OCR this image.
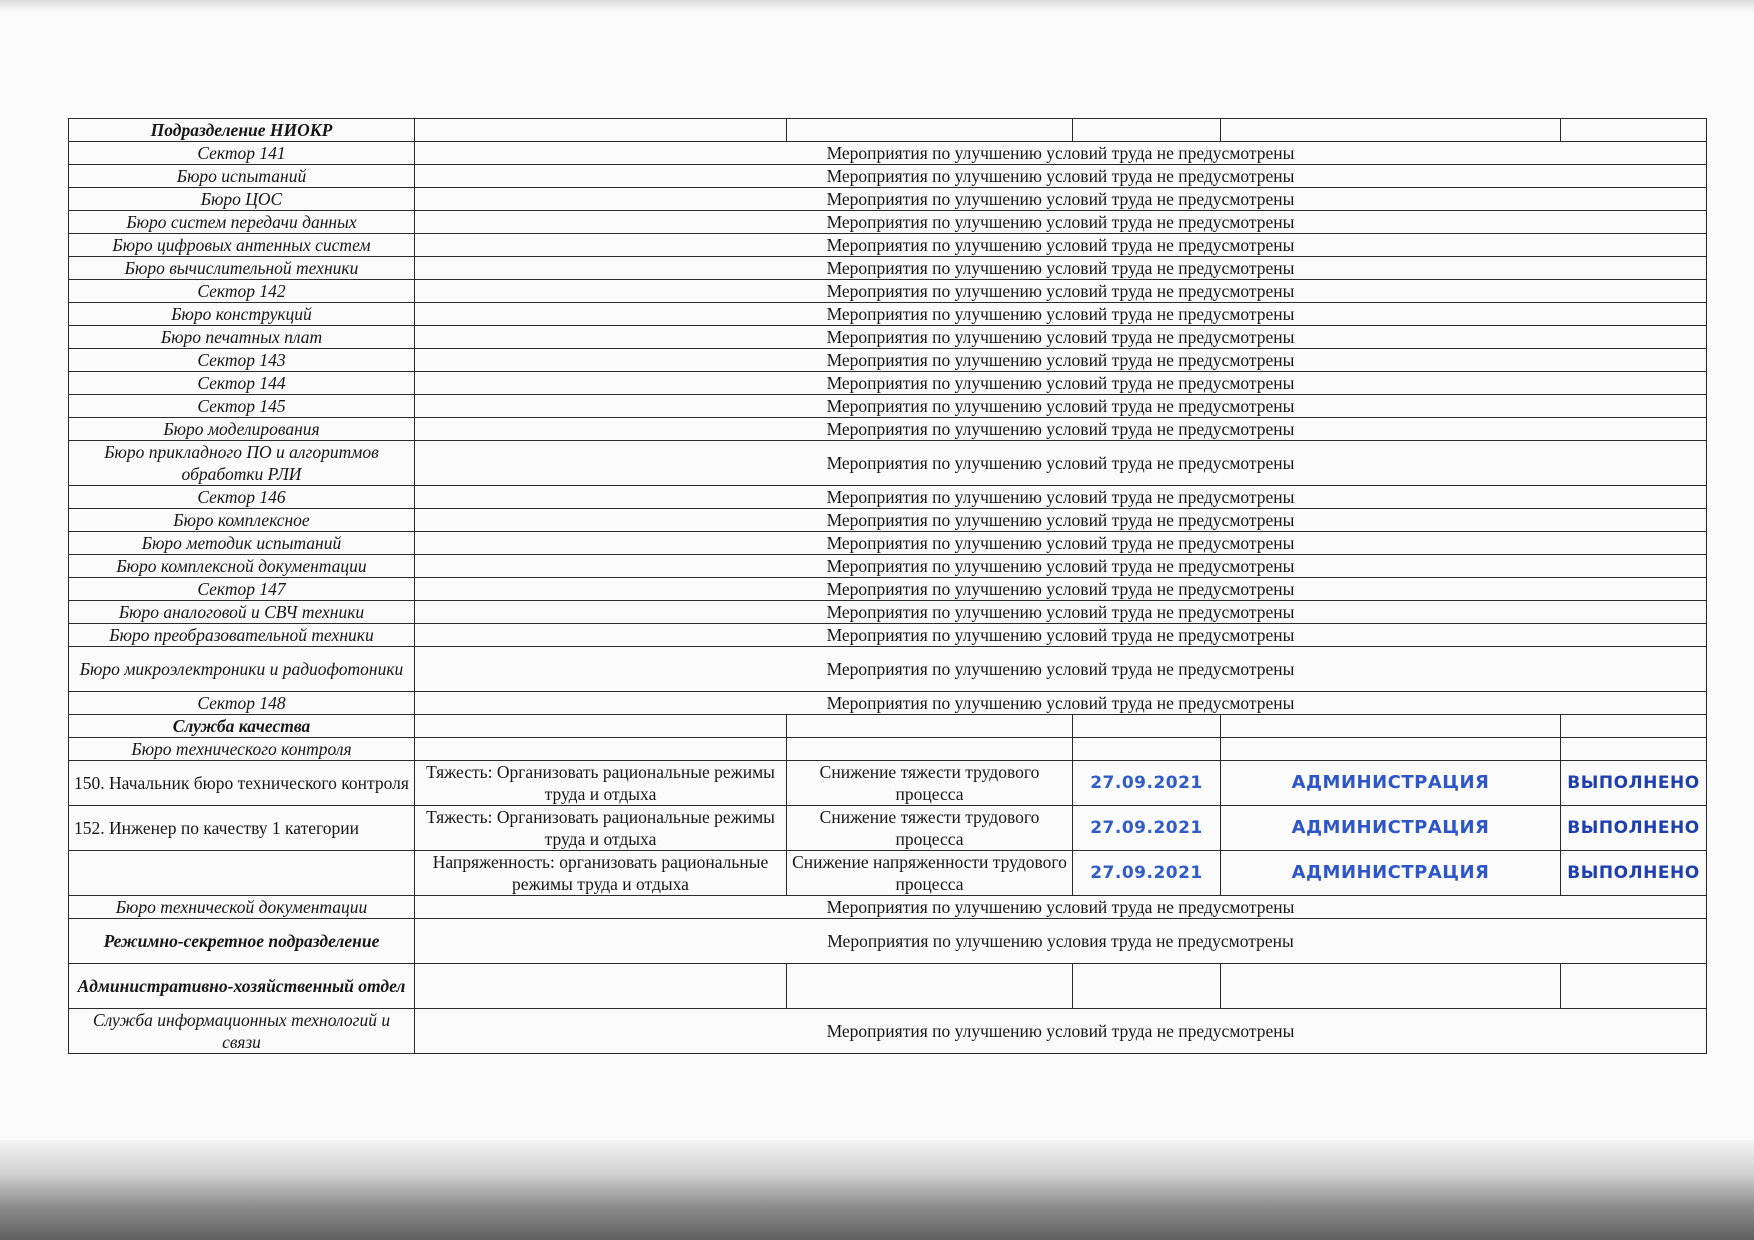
Подразделение НИОКР					
Сектор 141	Мероприятия по улучшению условий труда не предусмотрены				
Бюро испытаний	Мероприятия по улучшению условий труда не предусмотрены				
Бюро ЦОС	Мероприятия по улучшению условий труда не предусмотрены				
Бюро систем передачи данных	Мероприятия по улучшению условий труда не предусмотрены				
Бюро цифровых антенных систем	Мероприятия по улучшению условий труда не предусмотрены				
Бюро вычислительной техники	Мероприятия по улучшению условий труда не предусмотрены				
Сектор 142	Мероприятия по улучшению условий труда не предусмотрены				
Бюро конструкций	Мероприятия по улучшению условий труда не предусмотрены				
Бюро печатных плат	Мероприятия по улучшению условий труда не предусмотрены				
Сектор 143	Мероприятия по улучшению условий труда не предусмотрены				
Сектор 144	Мероприятия по улучшению условий труда не предусмотрены				
Сектор 145	Мероприятия по улучшению условий труда не предусмотрены				
Бюро моделирования	Мероприятия по улучшению условий труда не предусмотрены				
Бюро прикладного ПО и алгоритмов обработки РЛИ	Мероприятия по улучшению условий труда не предусмотрены				
Сектор 146	Мероприятия по улучшению условий труда не предусмотрены				
Бюро комплексное	Мероприятия по улучшению условий труда не предусмотрены				
Бюро методик испытаний	Мероприятия по улучшению условий труда не предусмотрены				
Бюро комплексной документации	Мероприятия по улучшению условий труда не предусмотрены				
Сектор 147	Мероприятия по улучшению условий труда не предусмотрены				
Бюро аналоговой и СВЧ техники	Мероприятия по улучшению условий труда не предусмотрены				
Бюро преобразовательной техники	Мероприятия по улучшению условий труда не предусмотрены				
Бюро микроэлектроники и радиофотоники	Мероприятия по улучшению условий труда не предусмотрены				
Сектор 148	Мероприятия по улучшению условий труда не предусмотрены				
Служба качества					
Бюро технического контроля					
150. Начальник бюро технического контроля	Тяжесть: Организовать рациональные режимы труда и отдыха	Снижение тяжести трудового процесса	27.09.2021	АДМИНИСТРАЦИЯ	ВЫПОЛНЕНО
152. Инженер по качеству 1 категории	Тяжесть: Организовать рациональные режимы труда и отдыха	Снижение тяжести трудового процесса	27.09.2021	АДМИНИСТРАЦИЯ	ВЫПОЛНЕНО
	Напряженность: организовать рациональные режимы труда и отдыха	Снижение напряженности трудового процесса	27.09.2021	АДМИНИСТРАЦИЯ	ВЫПОЛНЕНО
Бюро технической документации	Мероприятия по улучшению условий труда не предусмотрены				
Режимно-секретное подразделение	Мероприятия по улучшению условия труда не предусмотрены				
Административно-хозяйственный отдел					
Служба информационных технологий и связи	Мероприятия по улучшению условий труда не предусмотрены				
